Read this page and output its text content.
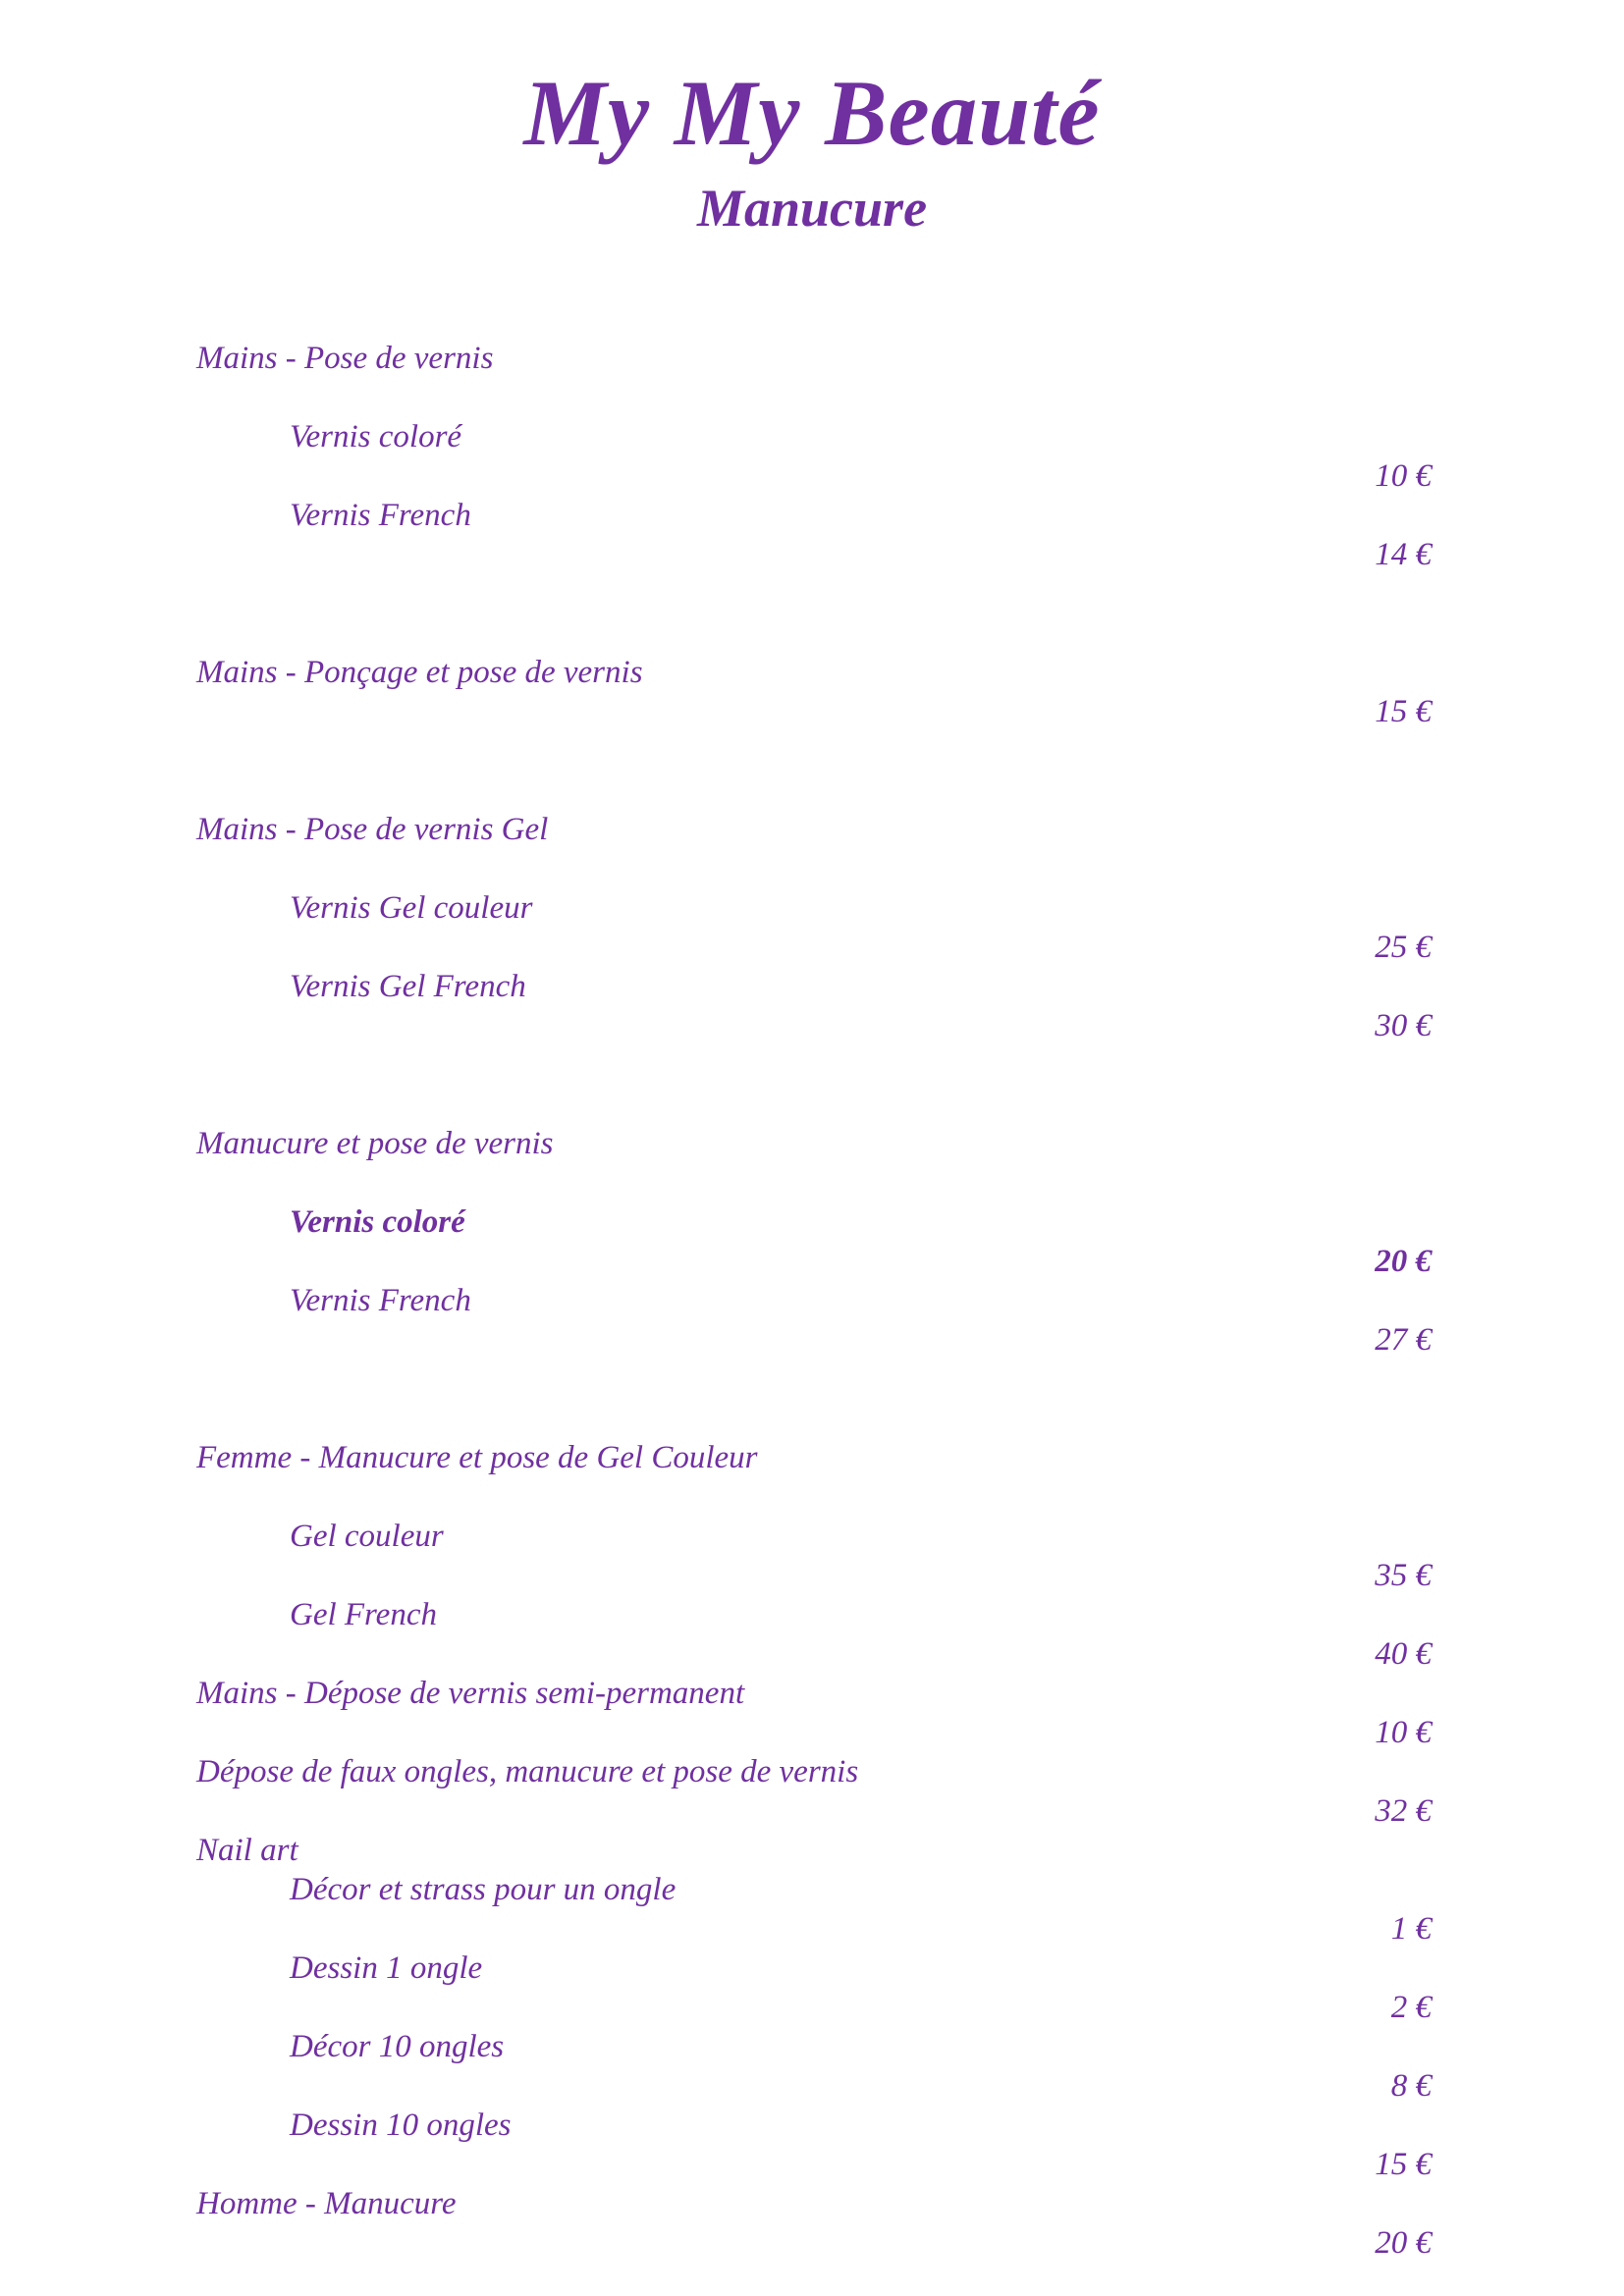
My My Beauté
Manucure
Mains - Pose de vernis
Vernis coloré
10 €
Vernis French
14 €
Mains - Ponçage et pose de vernis
15 €
Mains - Pose de vernis Gel
Vernis Gel couleur
25 €
Vernis Gel French
30 €
Manucure et pose de vernis
Vernis coloré
20 €
Vernis French
27 €
Femme - Manucure et pose de Gel Couleur
Gel couleur
35 €
Gel French
40 €
Mains - Dépose de vernis semi-permanent
10 €
Dépose de faux ongles, manucure et pose de vernis
32 €
Nail art
Décor et strass pour un ongle
1 €
Dessin 1 ongle
2 €
Décor 10 ongles
8 €
Dessin 10 ongles
15 €
Homme - Manucure
20 €
